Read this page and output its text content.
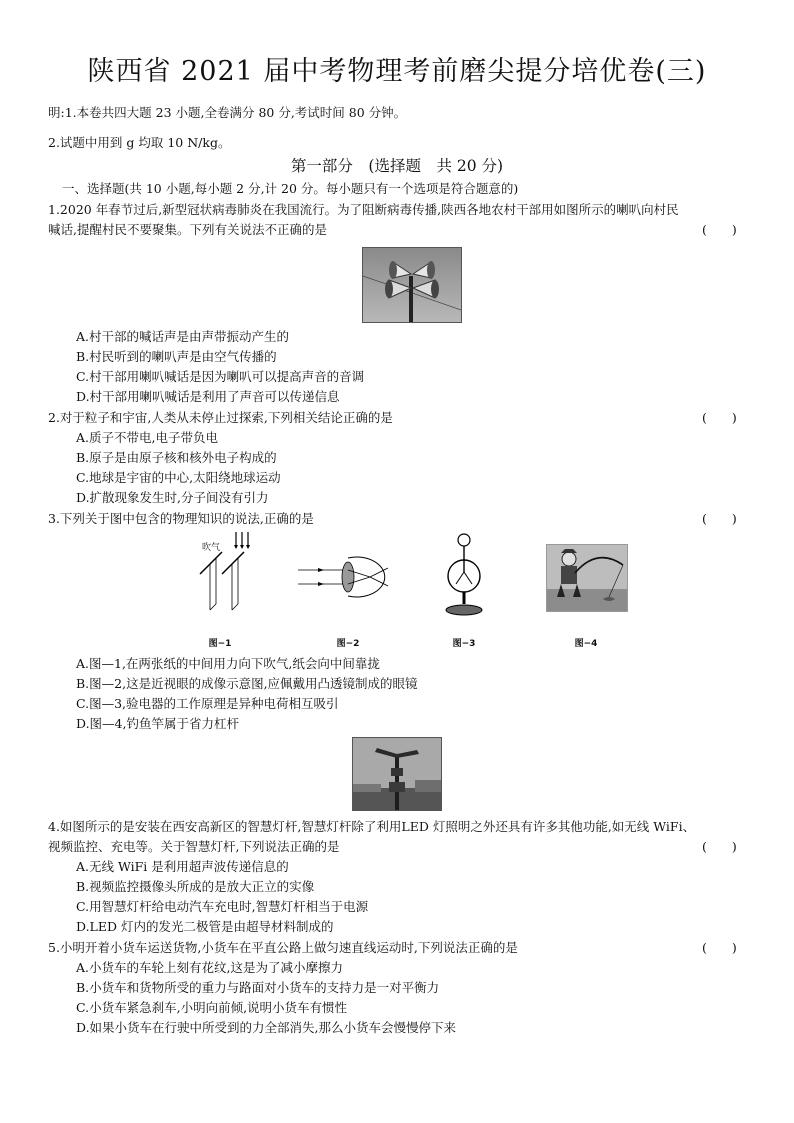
陕西省 2021 届中考物理考前磨尖提分培优卷(三)
明:1.本卷共四大题 23 小题,全卷满分 80 分,考试时间 80 分钟。
2.试题中用到 g 均取 10 N/kg。
第一部分　(选择题　共 20 分)
一、选择题(共 10 小题,每小题 2 分,计 20 分。每小题只有一个选项是符合题意的)
1.2020 年春节过后,新型冠状病毒肺炎在我国流行。为了阻断病毒传播,陕西各地农村干部用如图所示的喇叭向村民
喊话,提醒村民不要聚集。下列有关说法不正确的是	(　　)
A.村干部的喊话声是由声带振动产生的
B.村民听到的喇叭声是由空气传播的
C.村干部用喇叭喊话是因为喇叭可以提高声音的音调
D.村干部用喇叭喊话是利用了声音可以传递信息
2.对于粒子和宇宙,人类从未停止过探索,下列相关结论正确的是	(　　)
A.质子不带电,电子带负电
B.原子是由原子核和核外电子构成的
C.地球是宇宙的中心,太阳绕地球运动
D.扩散现象发生时,分子间没有引力
3.下列关于图中包含的物理知识的说法,正确的是	(　　)
吹气
图−1	图−2	图−3	图−4
A.图—1,在两张纸的中间用力向下吹气,纸会向中间靠拢
B.图—2,这是近视眼的成像示意图,应佩戴用凸透镜制成的眼镜
C.图—3,验电器的工作原理是异种电荷相互吸引
D.图—4,钓鱼竿属于省力杠杆
4.如图所示的是安装在西安高新区的智慧灯杆,智慧灯杆除了利用LED 灯照明之外还具有许多其他功能,如无线 WiFi、
视频监控、充电等。关于智慧灯杆,下列说法正确的是	(　　)
A.无线 WiFi 是利用超声波传递信息的
B.视频监控摄像头所成的是放大正立的实像
C.用智慧灯杆给电动汽车充电时,智慧灯杆相当于电源
D.LED 灯内的发光二极管是由超导材料制成的
5.小明开着小货车运送货物,小货车在平直公路上做匀速直线运动时,下列说法正确的是	(　　)
A.小货车的车轮上刻有花纹,这是为了减小摩擦力
B.小货车和货物所受的重力与路面对小货车的支持力是一对平衡力
C.小货车紧急刹车,小明向前倾,说明小货车有惯性
D.如果小货车在行驶中所受到的力全部消失,那么小货车会慢慢停下来
